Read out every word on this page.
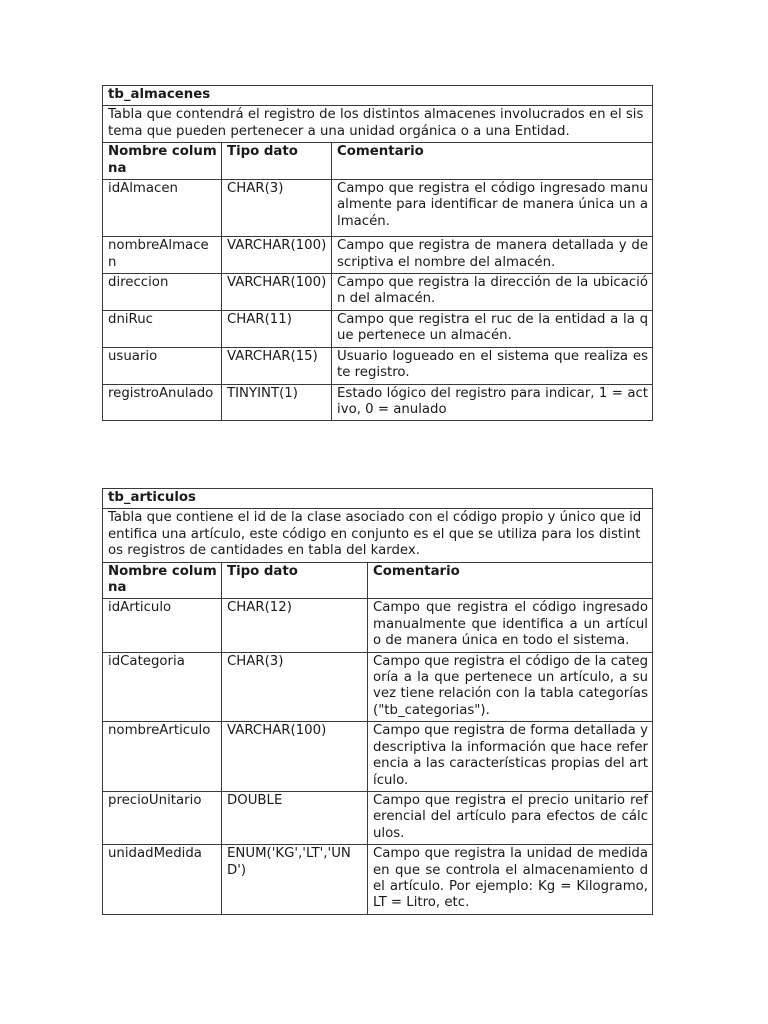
tb_almacenes		
Tabla que contendrá el registro de los distintos almacenes involucrados en el sistema que pueden pertenecer a una unidad orgánica o a una Entidad.		
Nombre columna	Tipo dato	Comentario
idAlmacen	CHAR(3)	Campo que registra el código ingresado manualmente para identificar de manera única un almacén.
nombreAlmacen	VARCHAR(100)	Campo que registra de manera detallada y descriptiva el nombre del almacén.
direccion	VARCHAR(100)	Campo que registra la dirección de la ubicación del almacén.
dniRuc	CHAR(11)	Campo que registra el ruc de la entidad a la que pertenece un almacén.
usuario	VARCHAR(15)	Usuario logueado en el sistema que realiza este registro.
registroAnulado	TINYINT(1)	Estado lógico del registro para indicar, 1 = activo, 0 = anulado
tb_articulos		
Tabla que contiene el id de la clase asociado con el código propio y único que identifica una artículo, este código en conjunto es el que se utiliza para los distintos registros de cantidades en tabla del kardex.		
Nombre columna	Tipo dato	Comentario
idArticulo	CHAR(12)	Campo que registra el código ingresado manualmente que identifica a un artículo de manera única en todo el sistema.
idCategoria	CHAR(3)	Campo que registra el código de la categoría a la que pertenece un artículo, a su vez tiene relación con la tabla categorías ("tb_categorias").
nombreArticulo	VARCHAR(100)	Campo que registra de forma detallada y descriptiva la información que hace referencia a las características propias del artículo.
precioUnitario	DOUBLE	Campo que registra el precio unitario referencial del artículo para efectos de cálculos.
unidadMedida	ENUM('KG','LT','UND')	Campo que registra la unidad de medida en que se controla el almacenamiento del artículo. Por ejemplo: Kg = Kilogramo, LT = Litro, etc.
